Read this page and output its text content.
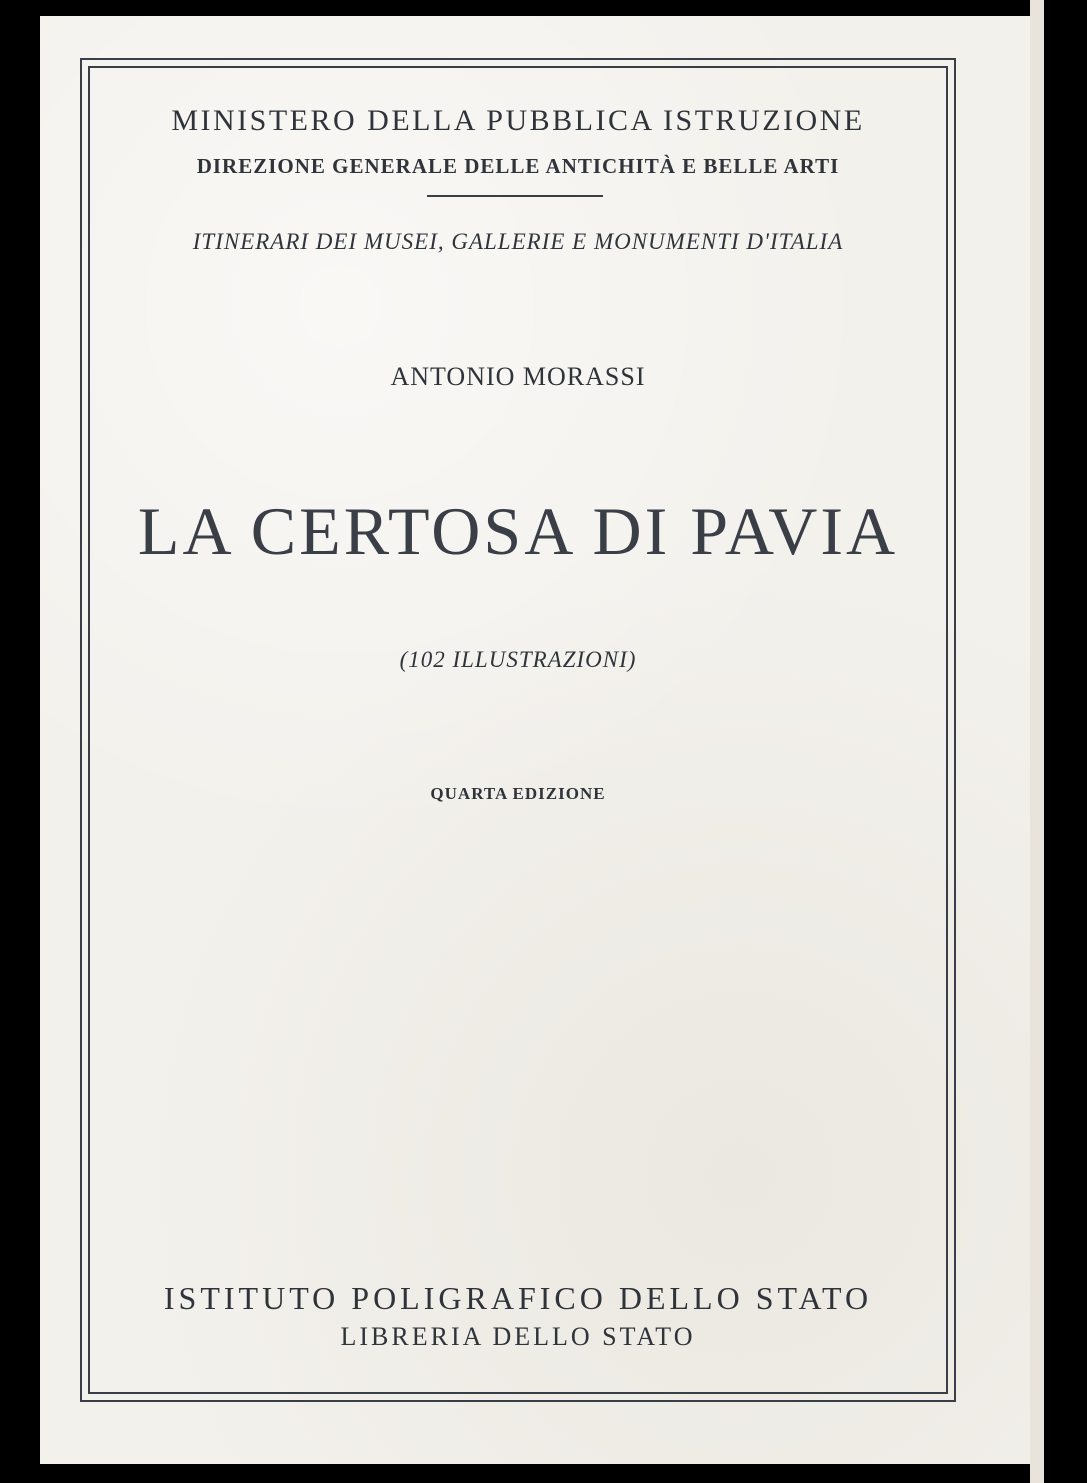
MINISTERO DELLA PUBBLICA ISTRUZIONE
DIREZIONE GENERALE DELLE ANTICHITÀ E BELLE ARTI
ITINERARI DEI MUSEI, GALLERIE E MONUMENTI D'ITALIA
ANTONIO MORASSI
LA CERTOSA DI PAVIA
(102 ILLUSTRAZIONI)
QUARTA EDIZIONE
ISTITUTO POLIGRAFICO DELLO STATO
LIBRERIA DELLO STATO
